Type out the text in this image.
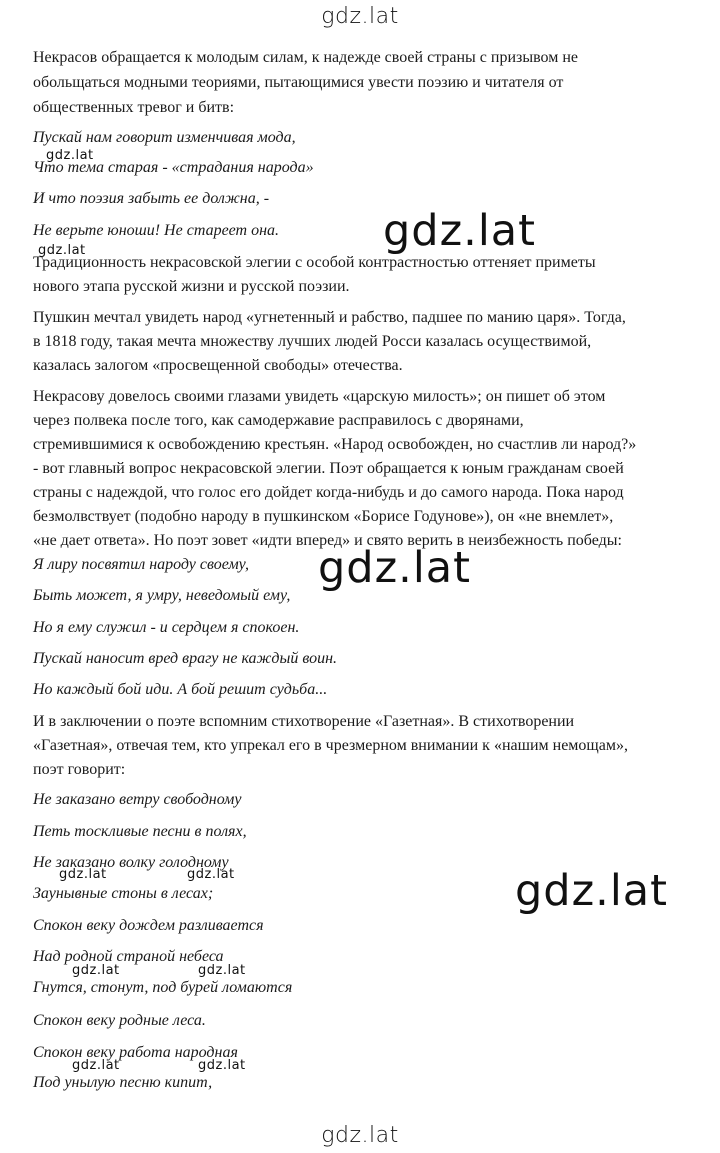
gdz.lat
Некрасов обращается к молодым силам, к надежде своей страны с призывом не
обольщаться модными теориями, пытающимися увести поэзию и читателя от
общественных тревог и битв:
Пускай нам говорит изменчивая мода,
Что тема старая - «страдания народа»
И что поэзия забыть ее должна, -
Не верьте юноши! Не стареет она.
Традиционность некрасовской элегии с особой контрастностью оттеняет приметы
нового этапа русской жизни и русской поэзии.
Пушкин мечтал увидеть народ «угнетенный и рабство, падшее по манию царя». Тогда,
в 1818 году, такая мечта множеству лучших людей Росси казалась осуществимой,
казалась залогом «просвещенной свободы» отечества.
Некрасову довелось своими глазами увидеть «царскую милость»; он пишет об этом
через полвека после того, как самодержавие расправилось с дворянами,
стремившимися к освобождению крестьян. «Народ освобожден, но счастлив ли народ?»
- вот главный вопрос некрасовской элегии. Поэт обращается к юным гражданам своей
страны с надеждой, что голос его дойдет когда-нибудь и до самого народа. Пока народ
безмолвствует (подобно народу в пушкинском «Борисе Годунове»), он «не внемлет»,
«не дает ответа». Но поэт зовет «идти вперед» и свято верить в неизбежность победы:
Я лиру посвятил народу своему,
Быть может, я умру, неведомый ему,
Но я ему служил - и сердцем я спокоен.
Пускай наносит вред врагу не каждый воин.
Но каждый бой иди. А бой решит судьба...
И в заключении о поэте вспомним стихотворение «Газетная». В стихотворении
«Газетная», отвечая тем, кто упрекал его в чрезмерном внимании к «нашим немощам»,
поэт говорит:
Не заказано ветру свободному
Петь тоскливые песни в полях,
Не заказано волку голодному
Заунывные стоны в лесах;
Спокон веку дождем разливается
Над родной страной небеса
Гнутся, стонут, под бурей ломаются
Спокон веку родные леса.
Спокон веку работа народная
Под унылую песню кипит,
gdz.lat
gdz.lat	gdz.lat
gdz.lat
gdz.lat
gdz.lat	gdz.lat
gdz.lat	gdz.lat
gdz.lat	gdz.lat
gdz.lat
